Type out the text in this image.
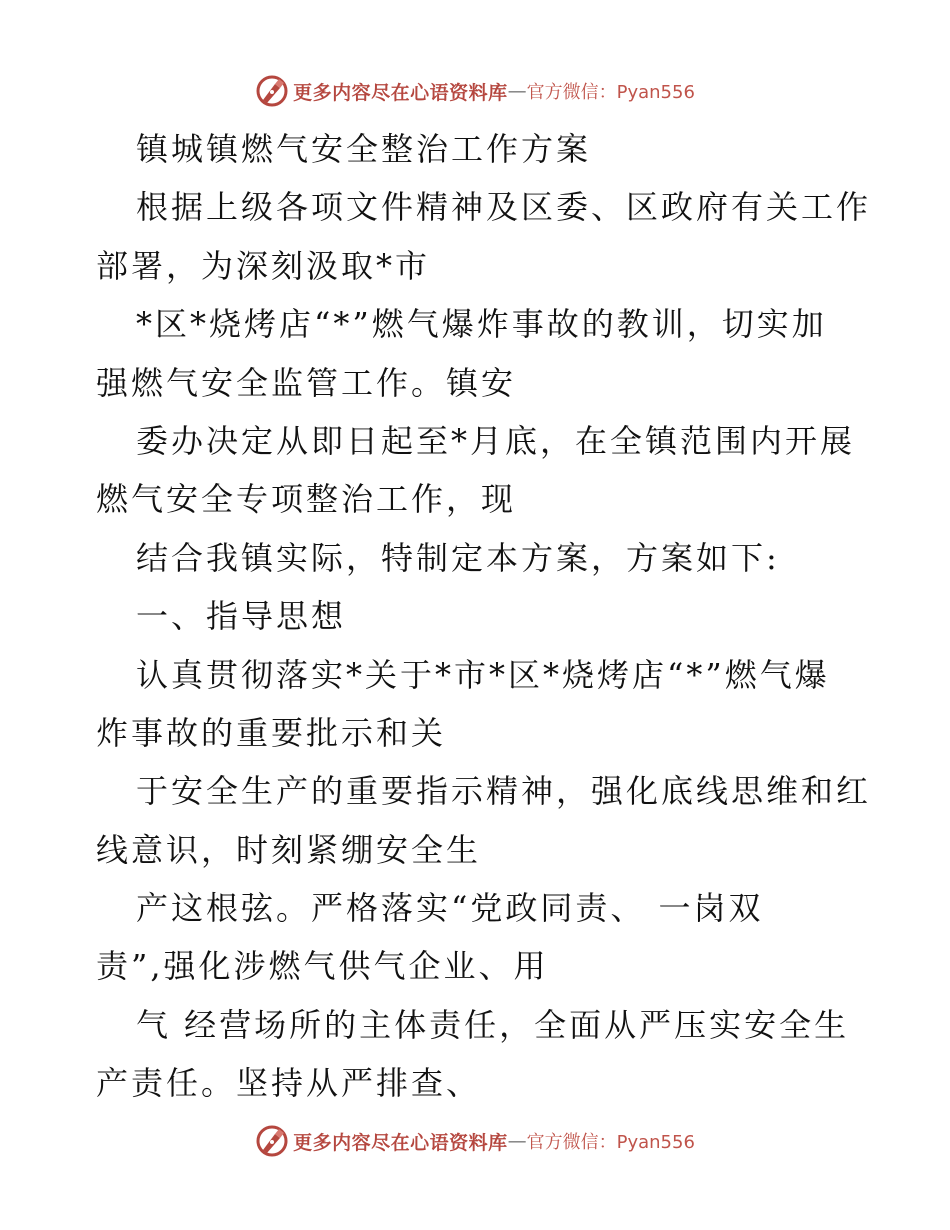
更多内容尽在心语资料库 — 官方微信：Pyan556
镇城镇燃气安全整治工作方案
根据上级各项文件精神及区委、区政府有关工作
部署，为深刻汲取*市
*区*烧烤店“*”燃气爆炸事故的教训，切实加
强燃气安全监管工作。镇安
委办决定从即日起至*月底，在全镇范围内开展
燃气安全专项整治工作，现
结合我镇实际，特制定本方案，方案如下:
一、指导思想
认真贯彻落实*关于*市*区*烧烤店“*”燃气爆
炸事故的重要批示和关
于安全生产的重要指示精神，强化底线思维和红
线意识，时刻紧绷安全生
产这根弦。严格落实“党政同责、 一岗双
责”,强化涉燃气供气企业、用
气 经营场所的主体责任，全面从严压实安全生
产责任。坚持从严排查、
更多内容尽在心语资料库 — 官方微信：Pyan556
